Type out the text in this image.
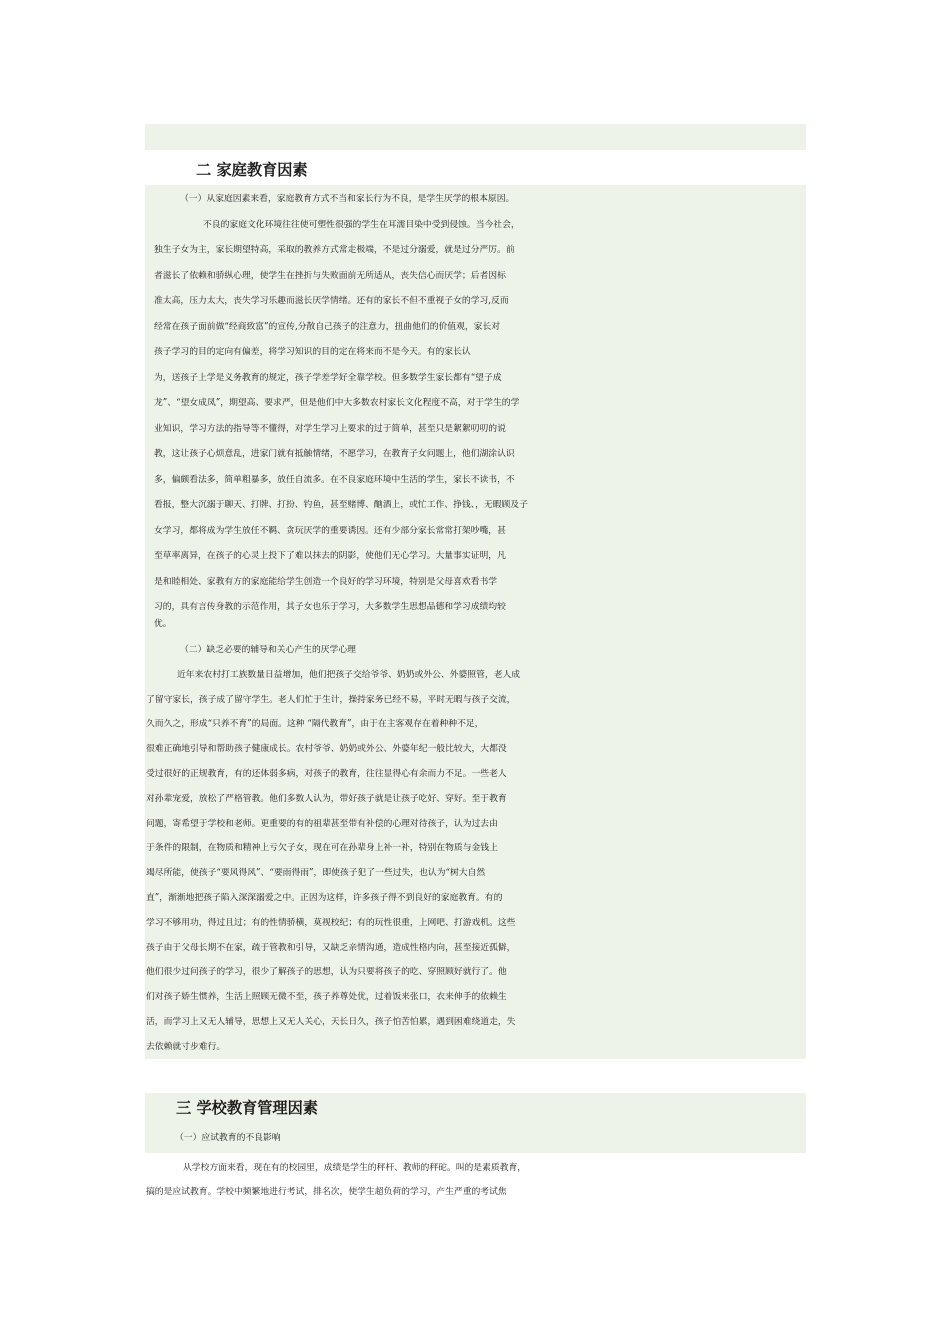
二 家庭教育因素

（一）从家庭因素来看，家庭教育方式不当和家长行为不良，是学生厌学的根本原因。

不良的家庭文化环境往往使可塑性很强的学生在耳濡目染中受到侵蚀。当今社会，

独生子女为主，家长期望特高，采取的教养方式常走极端，不是过分溺爱，就是过分严厉。前

者滋长了依赖和骄纵心理，使学生在挫折与失败面前无所适从，丧失信心而厌学；后者因标

准太高，压力太大，丧失学习乐趣而滋长厌学情绪。还有的家长不但不重视子女的学习,反而

经常在孩子面前做“经商致富”的宣传,分散自己孩子的注意力，扭曲他们的价值观，家长对

孩子学习的目的定向有偏差，将学习知识的目的定在将来而不是今天。有的家长认

为，送孩子上学是义务教育的规定，孩子学差学好全靠学校。但多数学生家长都有“望子成

龙”、“望女成凤”，期望高、要求严，但是他们中大多数农村家长文化程度不高，对于学生的学

业知识，学习方法的指导等不懂得，对学生学习上要求的过于简单，甚至只是絮絮叨叨的说

教，这让孩子心烦意乱，进家门就有抵触情绪，不愿学习，在教育子女问题上，他们湖涂认识

多，偏颇看法多，简单粗暴多，放任自流多。在不良家庭环境中生活的学生，家长不读书，不

看报，整大沉溺于聊天、打牌、打扮、钓鱼，甚至赌博、酗酒上，或忙工作、挣钱、，无暇顾及子

女学习，都将成为学生放任不羁、贪玩厌学的重要诱因。还有少部分家长常常打架吵嘴，甚

至草率离异，在孩子的心灵上投下了难以抹去的阴影，使他们无心学习。大量事实证明，凡

是和睦相处、家教有方的家庭能给学生创造一个良好的学习环境，特别是父母喜欢看书学

习的，具有言传身教的示范作用，其子女也乐于学习，大多数学生思想品德和学习成绩均较

优。

（二）缺乏必要的辅导和关心产生的厌学心理

近年来农村打工族数量日益增加，他们把孩子交给爷爷、奶奶或外公、外婆照管，老人成

了留守家长，孩子成了留守学生。老人们忙于生计，操持家务已经不易，平时无暇与孩子交流，

久而久之，形成“只养不育”的局面。这种 “隔代教育”，由于在主客观存在着种种不足，

很难正确地引导和帮助孩子健康成长。农村爷爷、奶奶或外公、外婆年纪一般比较大，大都没

受过很好的正规教育，有的还体弱多病，对孩子的教育，往往显得心有余而力不足。一些老人

对孙辈宠爱，放松了严格管教。他们多数人认为，带好孩子就是让孩子吃好、穿好。至于教育

问题，寄希望于学校和老师。更重要的有的祖辈甚至带有补偿的心理对待孩子，认为过去由

于条件的限制，在物质和精神上亏欠子女，现在可在孙辈身上补一补，特别在物质与金钱上

竭尽所能，使孩子“要风得风”、“要雨得雨”，即使孩子犯了一些过失，也认为“树大自然

直”，渐渐地把孩子陷入深深溺爱之中。正因为这样，许多孩子得不到良好的家庭教育。有的

学习不够用功，得过且过；有的性情骄横，莫视校纪；有的玩性很重，上网吧、打游戏机。这些

孩子由于父母长期不在家，疏于管教和引导，又缺乏亲情沟通，造成性格内向，甚至接近孤僻，

他们很少过问孩子的学习，很少了解孩子的思想，认为只要将孩子的吃、穿照顾好就行了。他

们对孩子娇生惯养，生活上照顾无微不至，孩子养尊处优，过着饭来张口，衣来伸手的依赖生

活，而学习上又无人辅导，思想上又无人关心，天长日久，孩子怕苦怕累，遇到困难绕道走，失

去依赖就寸步难行。

三 学校教育管理因素

（一）应试教育的不良影响

从学校方面来看，现在有的校园里，成绩是学生的秤杆、教师的秤砣。叫的是素质教育，

搞的是应试教育。学校中频繁地进行考试，排名次，使学生超负荷的学习，产生严重的考试焦
